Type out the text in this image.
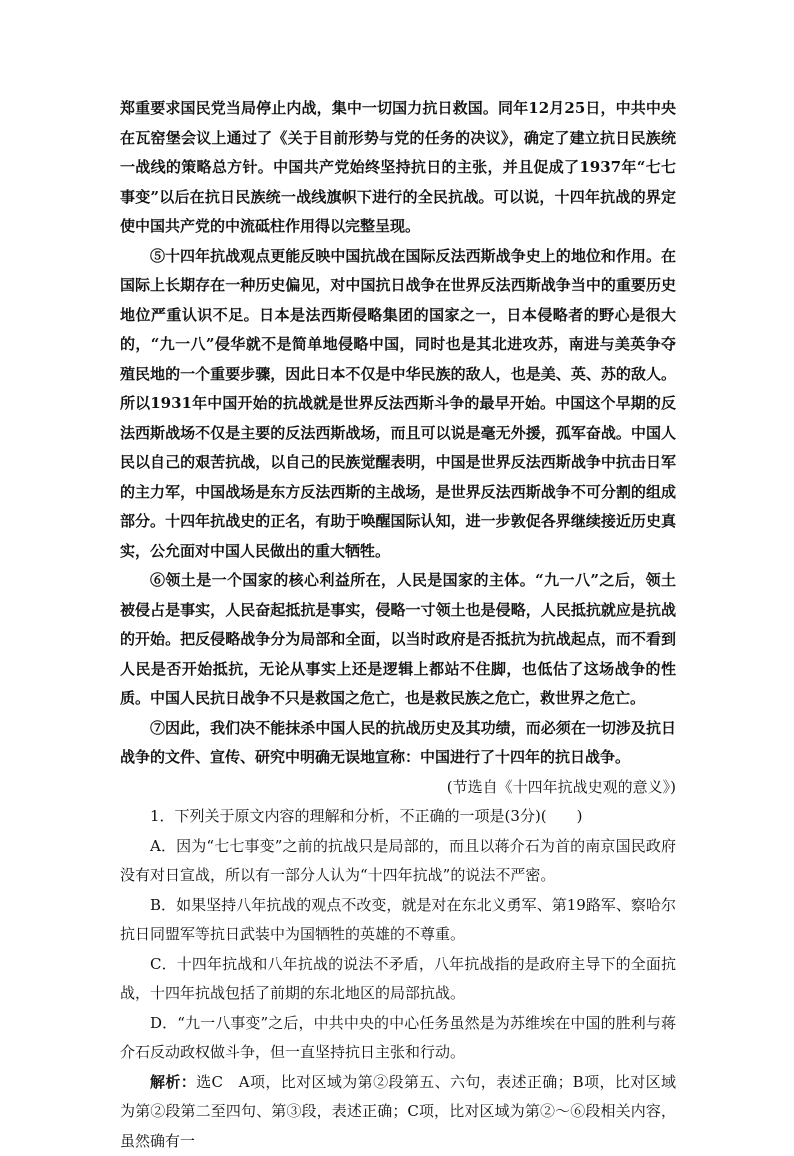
郑重要求国民党当局停止内战，集中一切国力抗日救国。同年12月25日，中共中央在瓦窑堡会议上通过了《关于目前形势与党的任务的决议》，确定了建立抗日民族统一战线的策略总方针。中国共产党始终坚持抗日的主张，并且促成了1937年“七七事变”以后在抗日民族统一战线旗帜下进行的全民抗战。可以说，十四年抗战的界定使中国共产党的中流砥柱作用得以完整呈现。

⑤十四年抗战观点更能反映中国抗战在国际反法西斯战争史上的地位和作用。在国际上长期存在一种历史偏见，对中国抗日战争在世界反法西斯战争当中的重要历史地位严重认识不足。日本是法西斯侵略集团的国家之一，日本侵略者的野心是很大的，“九一八”侵华就不是简单地侵略中国，同时也是其北进攻苏，南进与美英争夺殖民地的一个重要步骤，因此日本不仅是中华民族的敌人，也是美、英、苏的敌人。所以1931年中国开始的抗战就是世界反法西斯斗争的最早开始。中国这个早期的反法西斯战场不仅是主要的反法西斯战场，而且可以说是毫无外援，孤军奋战。中国人民以自己的艰苦抗战，以自己的民族觉醒表明，中国是世界反法西斯战争中抗击日军的主力军，中国战场是东方反法西斯的主战场，是世界反法西斯战争不可分割的组成部分。十四年抗战史的正名，有助于唤醒国际认知，进一步敦促各界继续接近历史真实，公允面对中国人民做出的重大牺牲。

⑥领土是一个国家的核心利益所在，人民是国家的主体。“九一八”之后，领土被侵占是事实，人民奋起抵抗是事实，侵略一寸领土也是侵略，人民抵抗就应是抗战的开始。把反侵略战争分为局部和全面，以当时政府是否抵抗为抗战起点，而不看到人民是否开始抵抗，无论从事实上还是逻辑上都站不住脚，也低估了这场战争的性质。中国人民抗日战争不只是救国之危亡，也是救民族之危亡，救世界之危亡。

⑦因此，我们决不能抹杀中国人民的抗战历史及其功绩，而必须在一切涉及抗日战争的文件、宣传、研究中明确无误地宣称：中国进行了十四年的抗日战争。

(节选自《十四年抗战史观的意义》)

1．下列关于原文内容的理解和分析，不正确的一项是(3分)(　　)

A．因为“七七事变”之前的抗战只是局部的，而且以蒋介石为首的南京国民政府没有对日宣战，所以有一部分人认为“十四年抗战”的说法不严密。

B．如果坚持八年抗战的观点不改变，就是对在东北义勇军、第19路军、察哈尔抗日同盟军等抗日武装中为国牺牲的英雄的不尊重。

C．十四年抗战和八年抗战的说法不矛盾，八年抗战指的是政府主导下的全面抗战，十四年抗战包括了前期的东北地区的局部抗战。

D．“九一八事变”之后，中共中央的中心任务虽然是为苏维埃在中国的胜利与蒋介石反动政权做斗争，但一直坚持抗日主张和行动。

解析：选C　A项，比对区域为第②段第五、六句，表述正确；B项，比对区域为第②段第二至四句、第③段，表述正确；C项，比对区域为第②～⑥段相关内容，虽然确有一
